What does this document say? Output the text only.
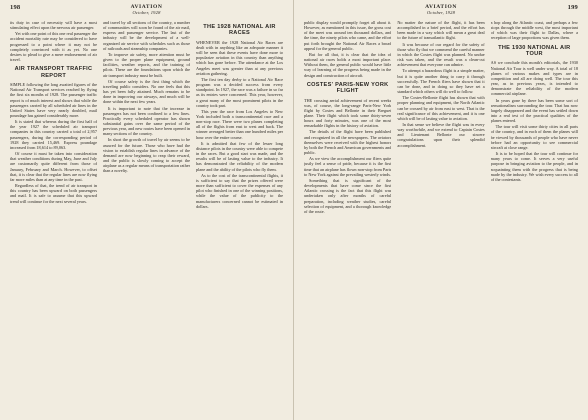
198	AVIATION
October, 1928

its duty in case of necessity will have a most stimulating effect upon the nervous air passenger.

Yet with one point of this one real passenger the accident mortality rate may be considered to have progressed to a point where it may not be completely convinced with it as yet. No one desires to plead to give a mere endorsement of air travel.

AIR TRANSPORT TRAFFIC REPORT

SIMPLE following the long awaited figures of the National Air Transport services reached by flying the first six months of 1928. The passenger traffic report is of much interest and shows that while the passengers carried by all scheduled air lines in the United States have very nearly doubled, mail poundage has gained considerably more.

It is stated that whereas during the first half of the year 1927 the scheduled air transport companies in this country carried a total of 2,957 passengers, during the corresponding period of 1928 they carried 15,469. Express poundage increased from 18,614 to 89,063.

Of course it must be taken into consideration that weather conditions during May, June and July are customarily quite different from those of January, February and March. However, to offset that, it is clear that the regular lines are now flying far more miles than at any time in the past.

Regardless of that, the trend of air transport in this country has been upward on both passengers and mail. It is safe to assume that this upward trend will continue for the next several years.

and travel by all sections of the country, a number of communities will soon be found of the air mail, express and passenger service. The last of the industry will be the development of a well-organized air service with schedules such as those of railroads and steamship companies.

To improve air safety, more attention must be given to the proper plane equipment, ground facilities, weather reports, and the training of pilots. These are the foundations upon which the air transport industry must be built.

Of course safety is the first thing which the traveling public considers. No one feels that this has yet been fully attained. Much remains to be done in improving our airways, and much will be done within the next few years.

It is important to note that the increase in passengers has not been confined to a few lines. Practically every scheduled operator has shown substantial gains over the same period of the previous year, and new routes have been opened in many sections of the country.

In short the growth of travel by air seems to be assured for the future. Those who have had the vision to establish regular lines in advance of the demand are now beginning to reap their reward, and the public is slowly coming to accept the airplane as a regular means of transportation rather than a novelty.

THE 1928 NATIONAL AIR RACES

WHENEVER the 1928 National Air Races are dealt with in anything like an adequate manner it will be seen that these events have done more to popularize aviation in this country than anything which has gone before. The attendance at the Los Angeles meet was greater than at any previous aviation gathering.

The first ten day derby to a National Air Race program was a decided success from every standpoint. In 1927, the race was a failure in so far as its entries were concerned. This year, however, a great many of the most prominent pilots in the country took part.

This year the race from Los Angeles to New York included both a transcontinental race and a non-stop race. There were two planes completing all of the flights from east to west and back. The winner averaged better than one hundred miles per hour over the entire course.

It is admitted that few of the lesser long distance pilots in the country were able to compete in the races. But a good start was made, and the results will be of lasting value to the industry. It has demonstrated the reliability of the modern plane and the ability of the pilots who fly them.

As to the cost of the transcontinental flights, it is sufficient to say that the prizes offered were more than sufficient to cover the expenses of any pilot who finished in one of the winning positions, while the value of the publicity to the manufacturers concerned cannot be estimated in dollars.

AVIATION
October, 1928
199

public display would promptly forget all about it. However, as mentioned in this issue, the gross cost of the meet was around ten thousand dollars, and the time, the ninety pilots who came, and the effort put forth brought the National Air Races a broad appeal for the general public.

But for all that, it is clear that the idea of national air races holds a most important place. Without them, the general public would have little way of learning of the progress being made in the design and construction of aircraft.

COSTES' PARIS-NEW YORK FLIGHT

THE crossing aerial achievement of recent weeks was, of course, the long-range Paris-New York flight by Costes and Bellonte in their Breguet plane. Their flight which took some thirty-seven hours and forty minutes, was one of the most remarkable flights in the history of aviation.

The details of the flight have been published and recognized in all the newspapers. The aviators themselves were received with the highest honors by both the French and American governments and public.

As we view the accomplishment our fliers quite justly feel a sense of pride, because it is the first time that an airplane has flown non-stop from Paris to New York against the prevailing westerly winds.

Something that is significant of the developments that have come since the first Atlantic crossing is the fact that this flight was undertaken only after months of careful preparation, including weather studies, careful selection of equipment, and a thorough knowledge of the route.

No matter the nature of the flight, it has been accomplished in a brief period, and the effort has been made in a way which will mean a great deal to the future of transatlantic flight.

It was because of our regard for the safety of those who fly that we commend the careful manner in which the Costes flight was planned. No undue risk was taken, and the result was a clean-cut achievement that everyone can admire.

To attempt a hazardous flight is a simple matter, but it is quite another thing to carry it through successfully. The French fliers have shown that it can be done, and in doing so they have set a standard which others will do well to follow.

The Costes-Bellonte flight has shown that with proper planning and equipment, the North Atlantic can be crossed by air from east to west. That is the real significance of this achievement, and it is one which will be of lasting value to aviation.

In that sense we believe the flight was in every way worthwhile, and we extend to Captain Costes and Lieutenant Bellonte our sincere congratulations upon their splendid accomplishment.

a hop along the Atlantic coast, and perhaps a few stops through the middle west, the most important of which was their flight to Dallas, where a reception of large proportions was given them.

THE 1930 NATIONAL AIR TOUR

AS we conclude this month's editorials, the 1930 National Air Tour is well under way. A total of 18 planes of various makes and types are in competition and all are doing well. The tour this year, as in previous years, is intended to demonstrate the reliability of the modern commercial airplane.

In years gone by there has been some sort of sensationalism surrounding the tour. That has now largely disappeared and the event has settled down into a real test of the practical qualities of the planes entered.

The tour will visit some thirty cities in all parts of the country, and in each of them the planes will be viewed by thousands of people who have never before had an opportunity to see commercial aircraft at close range.

It is to be hoped that the tour will continue for many years to come. It serves a very useful purpose in bringing aviation to the people, and in acquainting them with the progress that is being made by the industry. We wish every success to all of the contestants.
